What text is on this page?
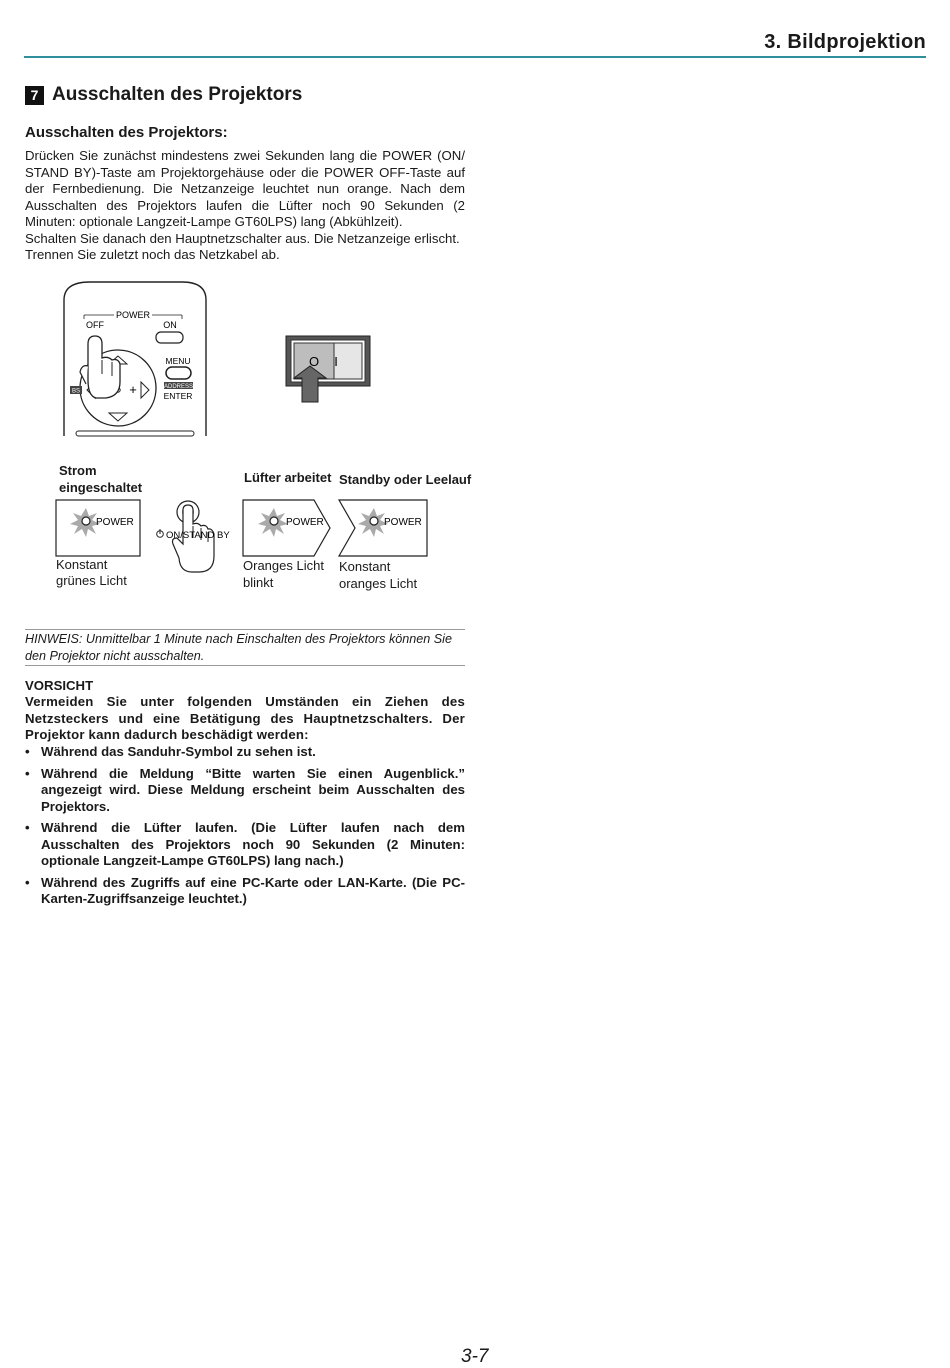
3. Bildprojektion
7 Ausschalten des Projektors
Ausschalten des Projektors:

Drücken Sie zunächst mindestens zwei Sekunden lang die POWER (ON/ STAND BY)-Taste am Projektorgehäuse oder die POWER OFF-Taste auf der Fernbedienung. Die Netzanzeige leuchtet nun orange. Nach dem Ausschalten des Projektors laufen die Lüfter noch 90 Sekunden (2 Minuten: optionale Langzeit-Lampe GT60LPS) lang (Abkühlzeit).

Schalten Sie danach den Hauptnetzschalter aus. Die Netzanzeige erlischt.

Trennen Sie zuletzt noch das Netzkabel ab.

POWER
OFF	ON
MENU
ADDRESS
ENTER
BS	+
O I
Strom
eingeschaltet
Lüfter arbeitet Standby oder Leelauf
POWER
ON/STAND BY
POWER	POWER
Konstant
grünes Licht
Oranges Licht
blinkt
Konstant
oranges Licht
HINWEIS: Unmittelbar 1 Minute nach Einschalten des Projektors können Sie den Projektor nicht ausschalten.
VORSICHT
Vermeiden Sie unter folgenden Umständen ein Ziehen des Netzsteckers und eine Betätigung des Hauptnetzschalters. Der Projektor kann dadurch beschädigt werden:
• Während das Sanduhr-Symbol zu sehen ist.
• Während die Meldung “Bitte warten Sie einen Augenblick.” angezeigt wird. Diese Meldung erscheint beim Ausschalten des Projektors.
• Während die Lüfter laufen. (Die Lüfter laufen nach dem Ausschalten des Projektors noch 90 Sekunden (2 Minuten: optionale Langzeit-Lampe GT60LPS) lang nach.)
• Während des Zugriffs auf eine PC-Karte oder LAN-Karte. (Die PC-Karten-Zugriffsanzeige leuchtet.)
3-7
